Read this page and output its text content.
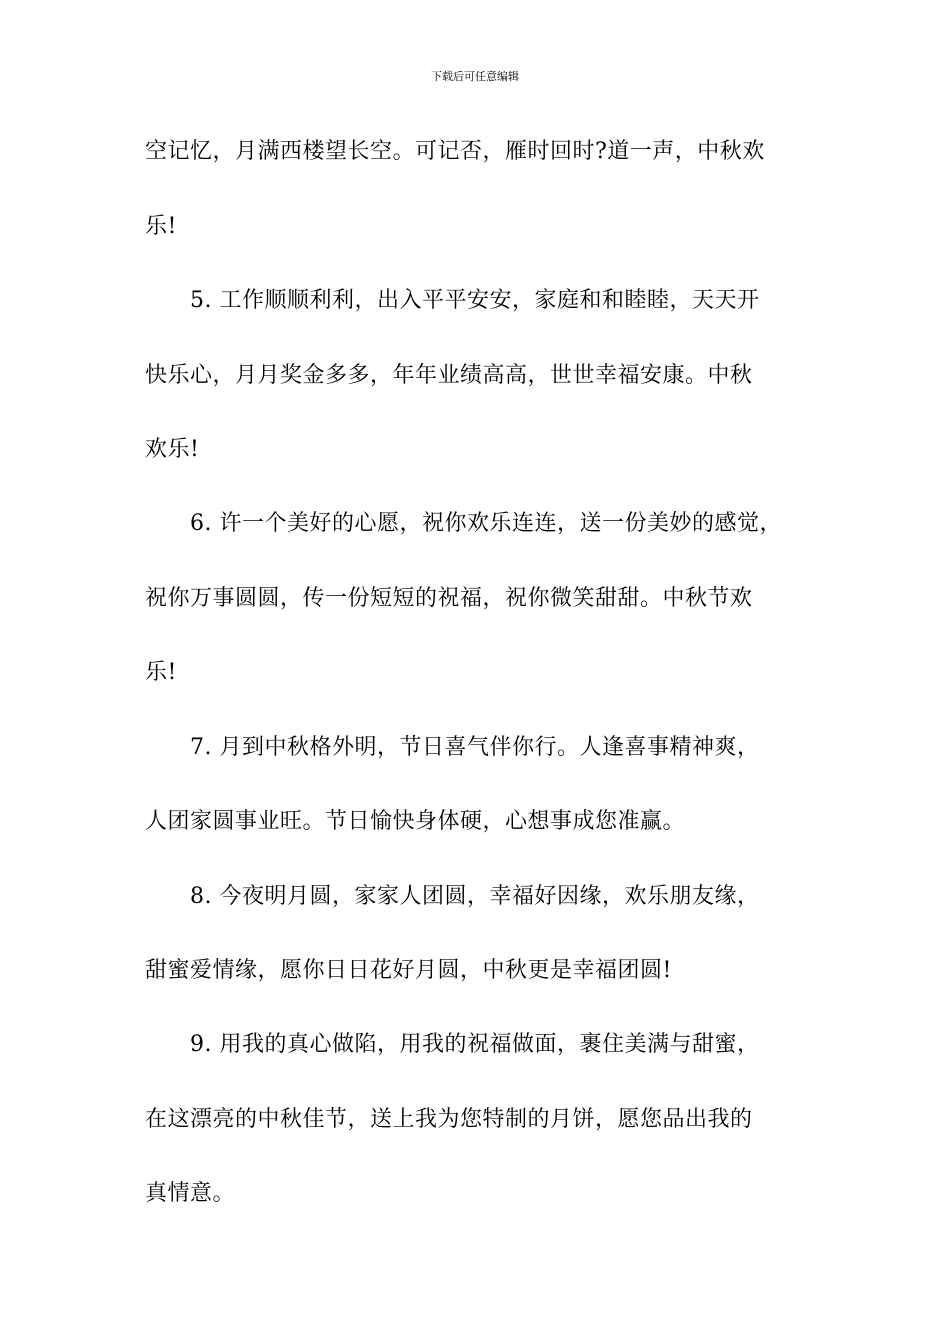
下载后可任意编辑
空记忆，月满西楼望长空。可记否，雁时回时?道一声，中秋欢
乐!
　　5. 工作顺顺利利，出入平平安安，家庭和和睦睦，天天开
快乐心，月月奖金多多，年年业绩高高，世世幸福安康。中秋
欢乐!
　　6. 许一个美好的心愿，祝你欢乐连连，送一份美妙的感觉，
祝你万事圆圆，传一份短短的祝福，祝你微笑甜甜。中秋节欢
乐!
　　7. 月到中秋格外明，节日喜气伴你行。人逢喜事精神爽，
人团家圆事业旺。节日愉快身体硬，心想事成您准赢。
　　8. 今夜明月圆，家家人团圆，幸福好因缘，欢乐朋友缘，
甜蜜爱情缘，愿你日日花好月圆，中秋更是幸福团圆!
　　9. 用我的真心做陷，用我的祝福做面，裹住美满与甜蜜，
在这漂亮的中秋佳节，送上我为您特制的月饼，愿您品出我的
真情意。
